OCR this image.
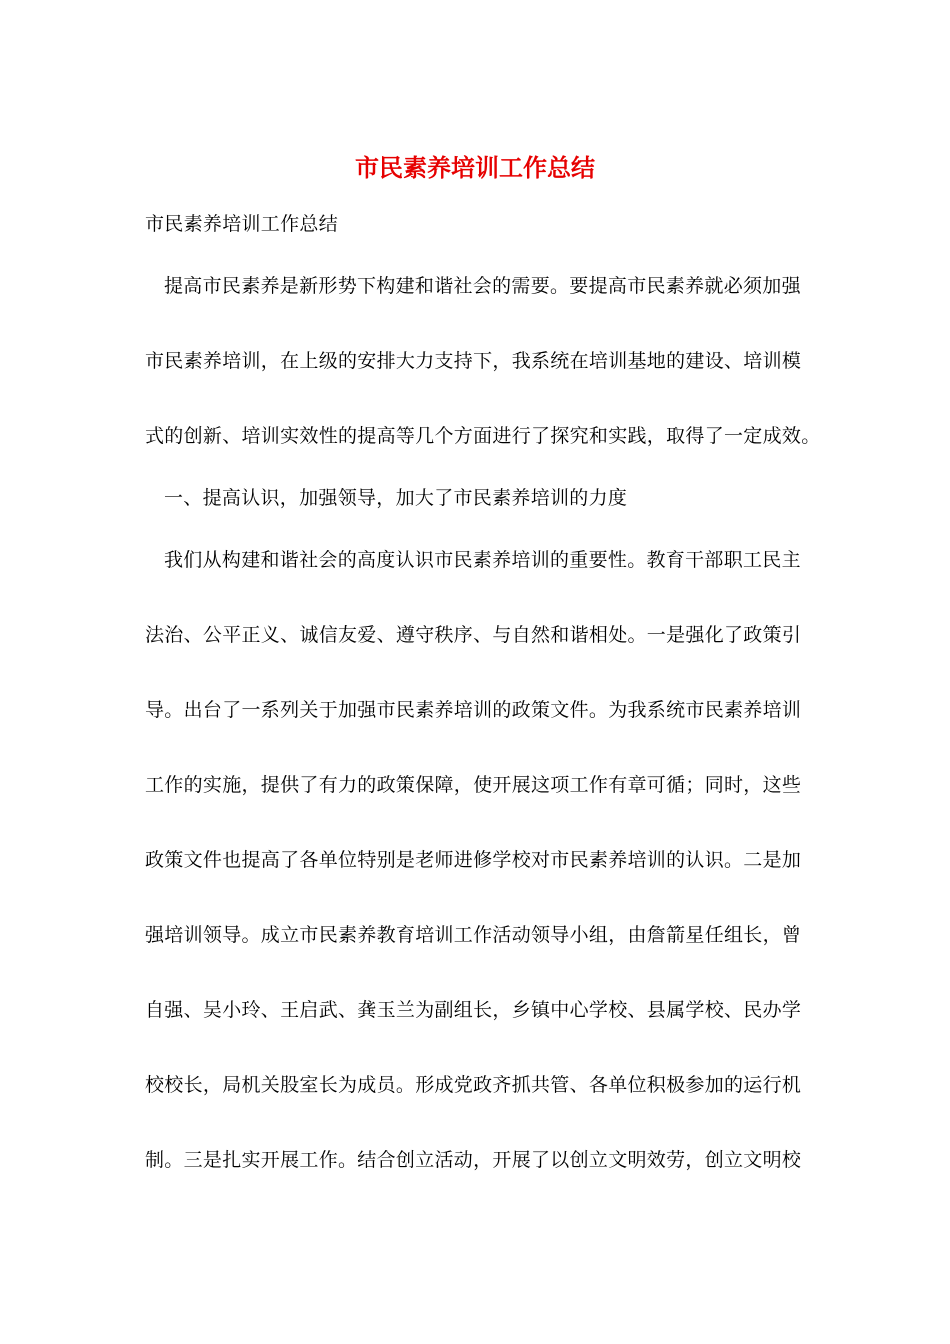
市民素养培训工作总结
市民素养培训工作总结
提高市民素养是新形势下构建和谐社会的需要。要提高市民素养就必须加强
市民素养培训，在上级的安排大力支持下，我系统在培训基地的建设、培训模
式的创新、培训实效性的提高等几个方面进行了探究和实践，取得了一定成效。
一、提高认识，加强领导，加大了市民素养培训的力度
我们从构建和谐社会的高度认识市民素养培训的重要性。教育干部职工民主
法治、公平正义、诚信友爱、遵守秩序、与自然和谐相处。一是强化了政策引
导。出台了一系列关于加强市民素养培训的政策文件。为我系统市民素养培训
工作的实施，提供了有力的政策保障，使开展这项工作有章可循；同时，这些
政策文件也提高了各单位特别是老师进修学校对市民素养培训的认识。二是加
强培训领导。成立市民素养教育培训工作活动领导小组，由詹箭星任组长，曾
自强、吴小玲、王启武、龚玉兰为副组长，乡镇中心学校、县属学校、民办学
校校长，局机关股室长为成员。形成党政齐抓共管、各单位积极参加的运行机
制。三是扎实开展工作。结合创立活动，开展了以创立文明效劳，创立文明校
